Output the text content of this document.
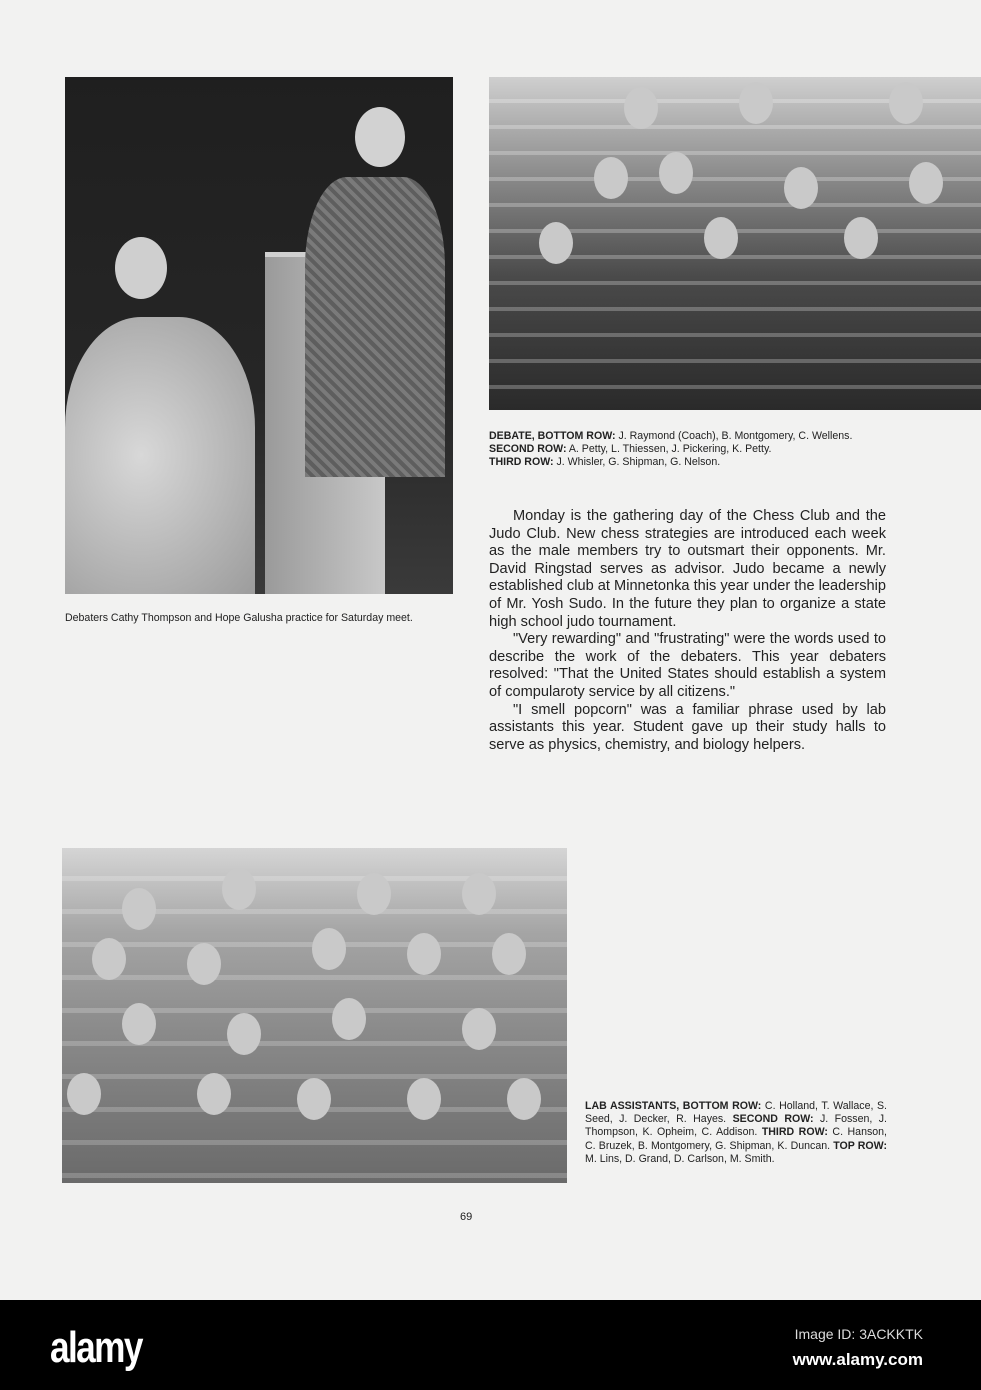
Debaters Cathy Thompson and Hope Galusha practice for Saturday meet.
DEBATE, BOTTOM ROW: J. Raymond (Coach), B. Montgomery, C. Wellens. SECOND ROW: A. Petty, L. Thiessen, J. Pickering, K. Petty.
THIRD ROW: J. Whisler, G. Shipman, G. Nelson.

Monday is the gathering day of the Chess Club and the Judo Club. New chess strategies are introduced each week as the male members try to outsmart their opponents. Mr. David Ringstad serves as advisor. Judo became a newly established club at Minnetonka this year under the leadership of Mr. Yosh Sudo. In the future they plan to organize a state high school judo tournament.

"Very rewarding" and "frustrating" were the words used to describe the work of the debaters. This year debaters resolved: "That the United States should establish a system of compularoty service by all citizens."

"I smell popcorn" was a familiar phrase used by lab assistants this year. Student gave up their study halls to serve as physics, chemistry, and biology helpers.

LAB ASSISTANTS, BOTTOM ROW: C. Holland, T. Wallace, S. Seed, J. Decker, R. Hayes. SECOND ROW: J. Fossen, J. Thompson, K. Opheim, C. Addison. THIRD ROW: C. Hanson, C. Bruzek, B. Montgomery, G. Shipman, K. Duncan. TOP ROW: M. Lins, D. Grand, D. Carlson, M. Smith.
69
alamy	Image ID: 3ACKKTK
www.alamy.com
